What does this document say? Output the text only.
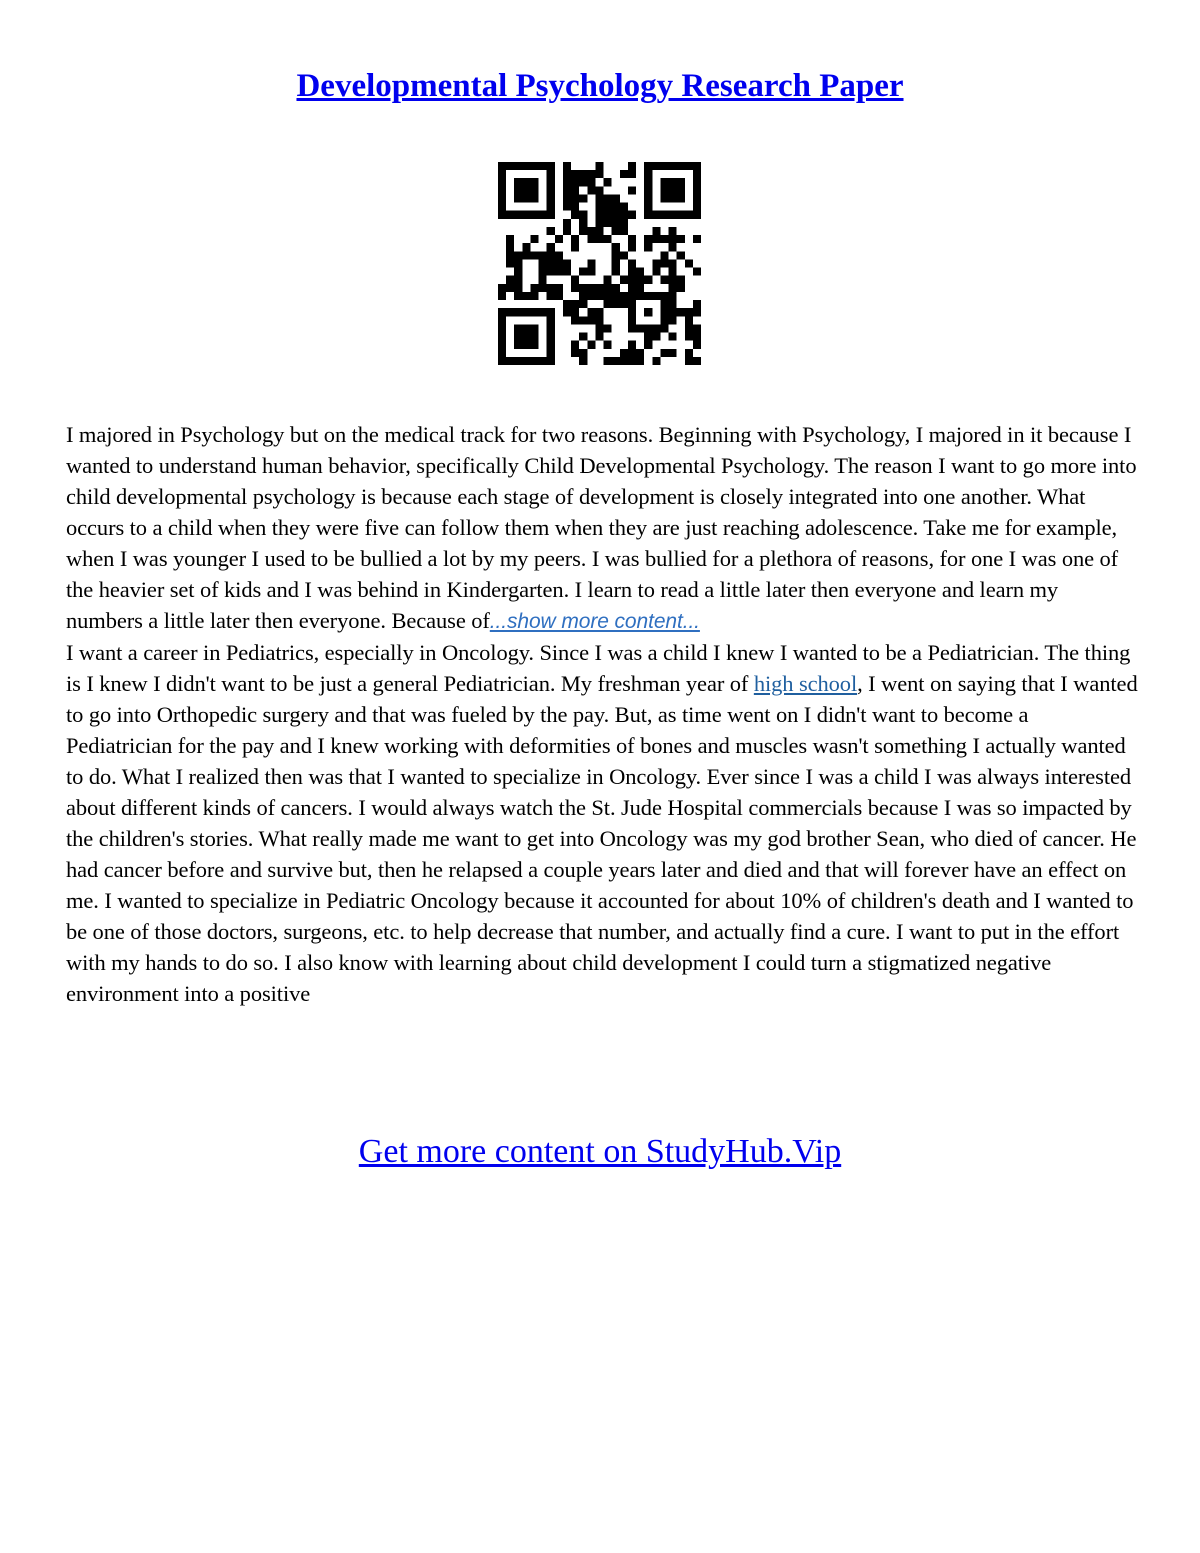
Developmental Psychology Research Paper

I majored in Psychology but on the medical track for two reasons. Beginning with Psychology, I majored in it because I wanted to understand human behavior, specifically Child Developmental Psychology. The reason I want to go more into child developmental psychology is because each stage of development is closely integrated into one another. What occurs to a child when they were five can follow them when they are just reaching adolescence. Take me for example, when I was younger I used to be bullied a lot by my peers. I was bullied for a plethora of reasons, for one I was one of the heavier set of kids and I was behind in Kindergarten. I learn to read a little later then everyone and learn my numbers a little later then everyone. Because of...show more content...

I want a career in Pediatrics, especially in Oncology. Since I was a child I knew I wanted to be a Pediatrician. The thing is I knew I didn't want to be just a general Pediatrician. My freshman year of high school, I went on saying that I wanted to go into Orthopedic surgery and that was fueled by the pay. But, as time went on I didn't want to become a Pediatrician for the pay and I knew working with deformities of bones and muscles wasn't something I actually wanted to do. What I realized then was that I wanted to specialize in Oncology. Ever since I was a child I was always interested about different kinds of cancers. I would always watch the St. Jude Hospital commercials because I was so impacted by the children's stories. What really made me want to get into Oncology was my god brother Sean, who died of cancer. He had cancer before and survive but, then he relapsed a couple years later and died and that will forever have an effect on me. I wanted to specialize in Pediatric Oncology because it accounted for about 10% of children's death and I wanted to be one of those doctors, surgeons, etc. to help decrease that number, and actually find a cure. I want to put in the effort with my hands to do so. I also know with learning about child development I could turn a stigmatized negative environment into a positive

Get more content on StudyHub.Vip
